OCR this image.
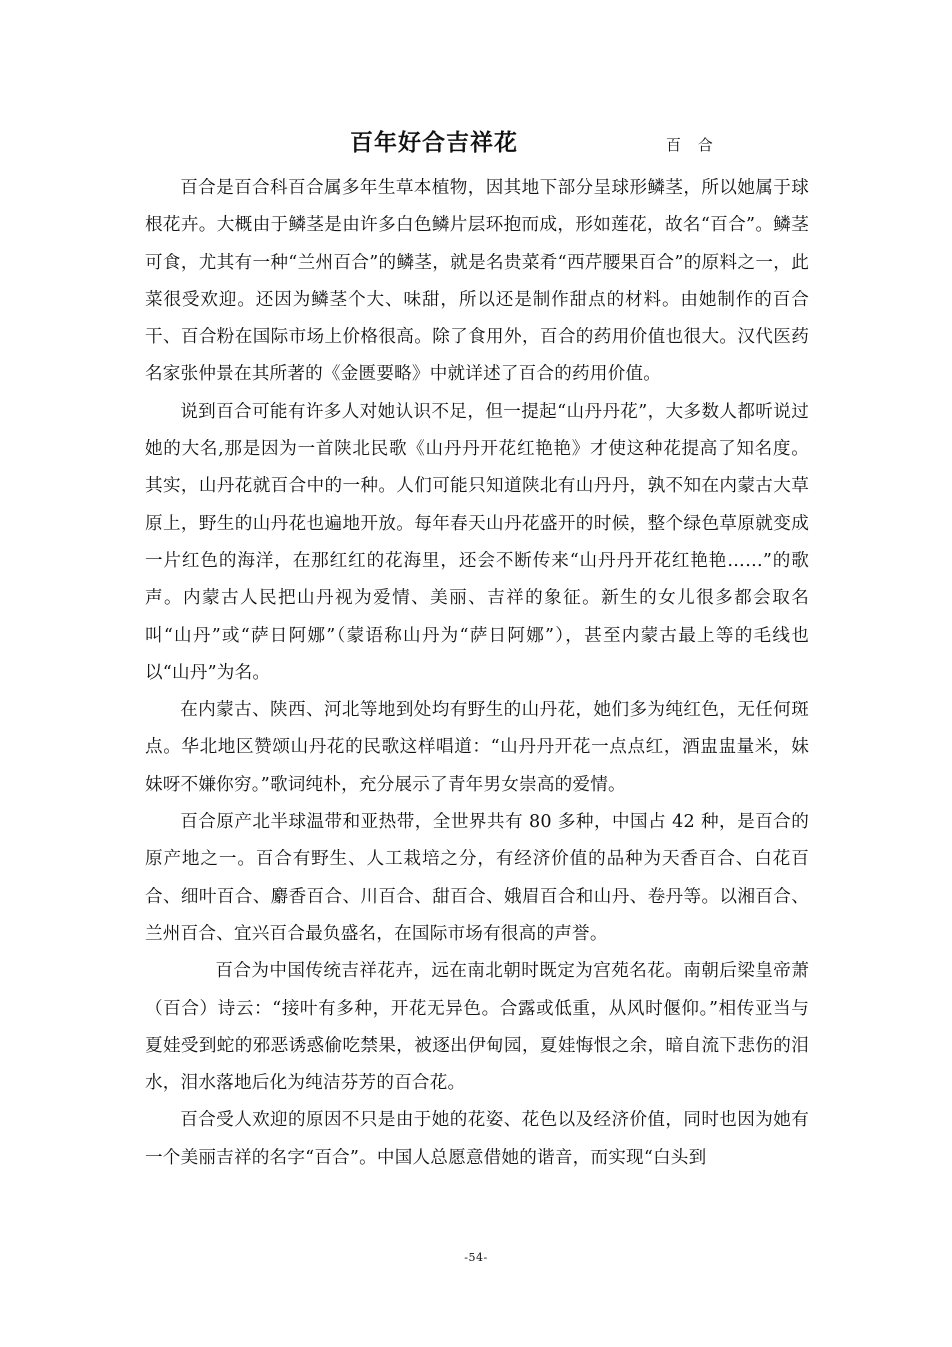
百年好合吉祥花	百 合

百合是百合科百合属多年生草本植物，因其地下部分呈球形鳞茎，所以她属于球根花卉。大概由于鳞茎是由许多白色鳞片层环抱而成，形如莲花，故名“百合”。鳞茎可食，尤其有一种“兰州百合”的鳞茎，就是名贵菜肴“西芹腰果百合”的原料之一，此菜很受欢迎。还因为鳞茎个大、味甜，所以还是制作甜点的材料。由她制作的百合干、百合粉在国际市场上价格很高。除了食用外，百合的药用价值也很大。汉代医药名家张仲景在其所著的《金匮要略》中就详述了百合的药用价值。

说到百合可能有许多人对她认识不足，但一提起“山丹丹花”，大多数人都听说过她的大名,那是因为一首陕北民歌《山丹丹开花红艳艳》才使这种花提高了知名度。其实，山丹花就百合中的一种。人们可能只知道陕北有山丹丹，孰不知在内蒙古大草原上，野生的山丹花也遍地开放。每年春天山丹花盛开的时候，整个绿色草原就变成一片红色的海洋，在那红红的花海里，还会不断传来“山丹丹开花红艳艳……”的歌声。内蒙古人民把山丹视为爱情、美丽、吉祥的象征。新生的女儿很多都会取名叫“山丹”或“萨日阿娜”（蒙语称山丹为“萨日阿娜”），甚至内蒙古最上等的毛线也以“山丹”为名。

在内蒙古、陕西、河北等地到处均有野生的山丹花，她们多为纯红色，无任何斑点。华北地区赞颂山丹花的民歌这样唱道：“山丹丹开花一点点红，酒盅盅量米，妹妹呀不嫌你穷。”歌词纯朴，充分展示了青年男女崇高的爱情。

百合原产北半球温带和亚热带，全世界共有 80 多种，中国占 42 种，是百合的原产地之一。百合有野生、人工栽培之分，有经济价值的品种为天香百合、白花百合、细叶百合、麝香百合、川百合、甜百合、娥眉百合和山丹、卷丹等。以湘百合、兰州百合、宜兴百合最负盛名，在国际市场有很高的声誉。

百合为中国传统吉祥花卉，远在南北朝时既定为宫苑名花。南朝后梁皇帝萧（百合）诗云：“接叶有多种，开花无异色。合露或低重，从风时偃仰。”相传亚当与夏娃受到蛇的邪恶诱惑偷吃禁果，被逐出伊甸园，夏娃悔恨之余，暗自流下悲伤的泪水，泪水落地后化为纯洁芬芳的百合花。

百合受人欢迎的原因不只是由于她的花姿、花色以及经济价值，同时也因为她有一个美丽吉祥的名字“百合”。中国人总愿意借她的谐音，而实现“白头到

-54-
